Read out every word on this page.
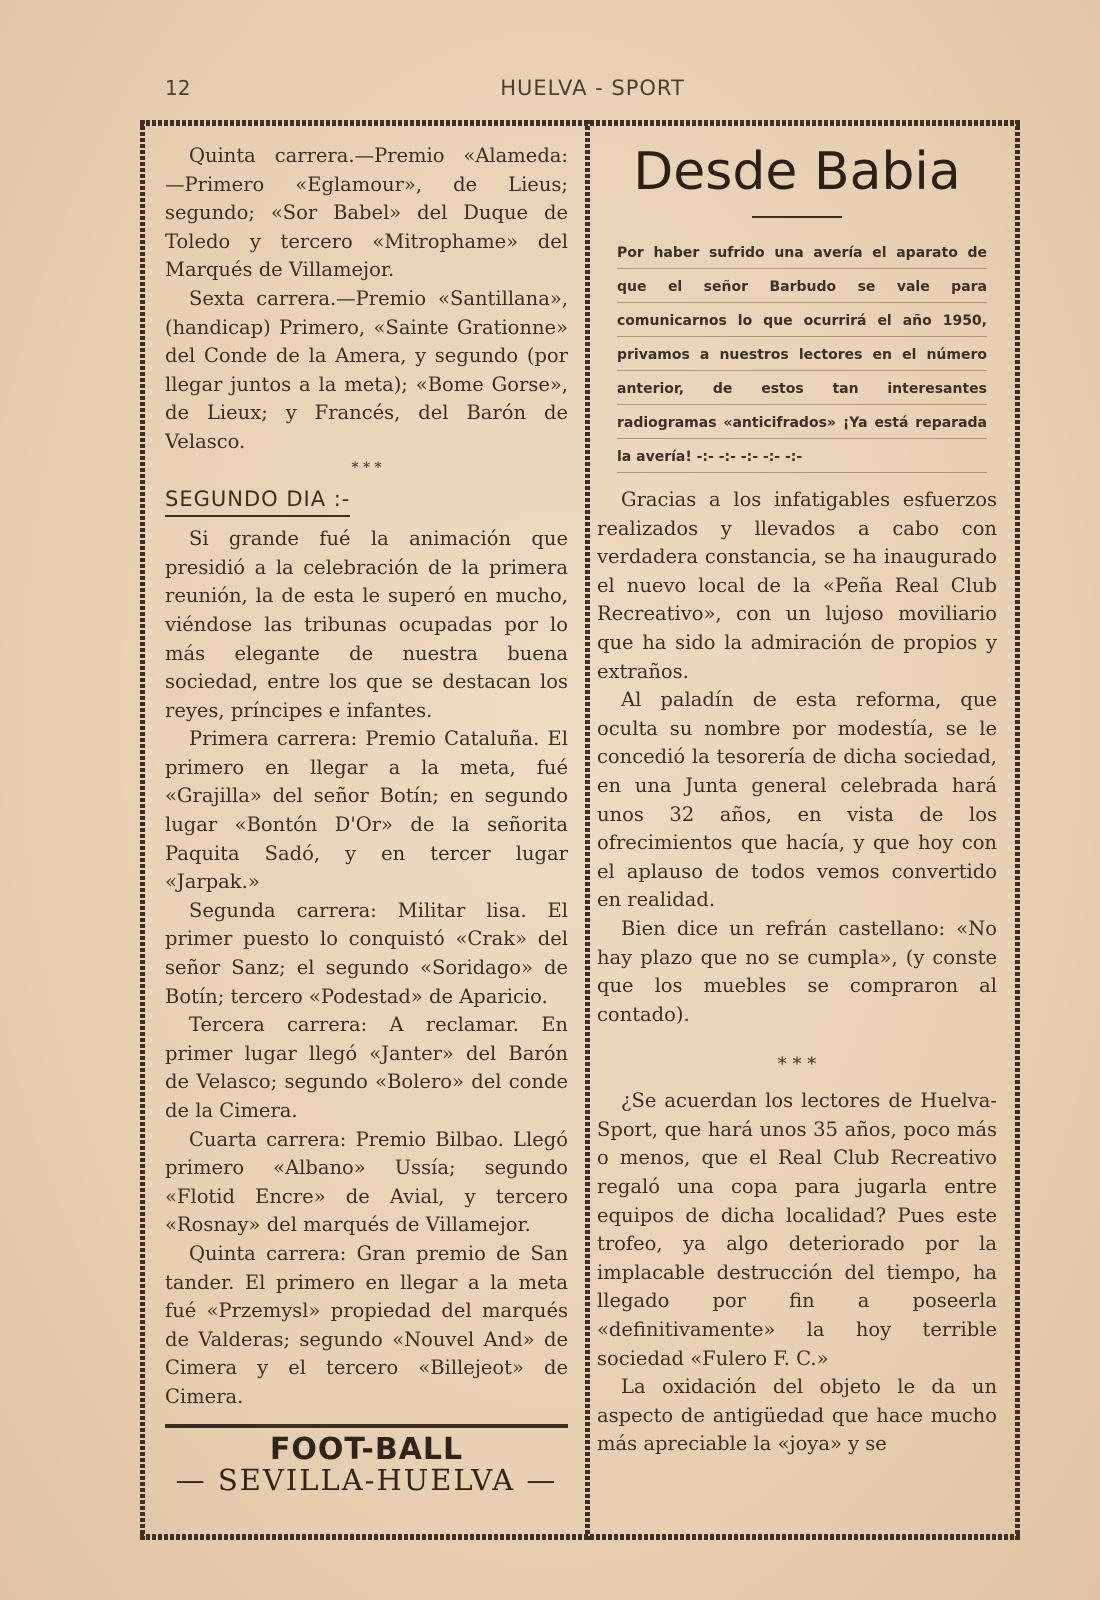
12	HUELVA - SPORT

Quinta carrera.—Premio «Alameda: —Primero «Eglamour», de Lieus; segundo; «Sor Babel» del Duque de Toledo y tercero «Mitrophame» del Marqués de Villamejor.

Sexta carrera.—Premio «Santillana», (handicap) Primero, «Sainte Grationne» del Conde de la Amera, y segundo (por llegar juntos a la meta); «Bome Gorse», de Lieux; y Francés, del Barón de Velasco.

* * *
SEGUNDO DIA :-

Si grande fué la animación que presidió a la celebración de la primera reunión, la de esta le superó en mucho, viéndose las tribunas ocupadas por lo más elegante de nuestra buena sociedad, entre los que se destacan los reyes, príncipes e infantes.

Primera carrera: Premio Cataluña. El primero en llegar a la meta, fué «Grajilla» del señor Botín; en segundo lugar «Bontón D'Or» de la señorita Paquita Sadó, y en tercer lugar «Jarpak.»

Segunda carrera: Militar lisa. El primer puesto lo conquistó «Crak» del señor Sanz; el segundo «Soridago» de Botín; tercero «Podestad» de Aparicio.

Tercera carrera: A reclamar. En primer lugar llegó «Janter» del Barón de Velasco; segundo «Bolero» del conde de la Cimera.

Cuarta carrera: Premio Bilbao. Llegó primero «Albano» Ussía; segundo «Flotid Encre» de Avial, y tercero «Rosnay» del marqués de Villamejor.

Quinta carrera: Gran premio de San tander. El primero en llegar a la meta fué «Przemysl» propiedad del marqués de Valderas; segundo «Nouvel And» de Cimera y el tercero «Billejeot» de Cimera.

FOOT-BALL
— SEVILLA-HUELVA —
Desde Babia
Por haber sufrido una avería el aparato de que el señor Barbudo se vale para comunicarnos lo que ocurrirá el año 1950, privamos a nuestros lectores en el número anterior, de estos tan interesantes radiogramas «anticifrados» ¡Ya está reparada la avería! -:- -:- -:- -:- -:-

Gracias a los infatigables esfuerzos realizados y llevados a cabo con verdadera constancia, se ha inaugurado el nuevo local de la «Peña Real Club Recreativo», con un lujoso moviliario que ha sido la admiración de propios y extraños.

Al paladín de esta reforma, que oculta su nombre por modestía, se le concedió la tesorería de dicha sociedad, en una Junta general celebrada hará unos 32 años, en vista de los ofrecimientos que hacía, y que hoy con el aplauso de todos vemos convertido en realidad.

Bien dice un refrán castellano: «No hay plazo que no se cumpla», (y conste que los muebles se compraron al contado).

* * *

¿Se acuerdan los lectores de Huelva-Sport, que hará unos 35 años, poco más o menos, que el Real Club Recreativo regaló una copa para jugarla entre equipos de dicha localidad? Pues este trofeo, ya algo deteriorado por la implacable destrucción del tiempo, ha llegado por fin a poseerla «definitivamente» la hoy terrible sociedad «Fulero F. C.»

La oxidación del objeto le da un aspecto de antigüedad que hace mucho más apreciable la «joya» y se
